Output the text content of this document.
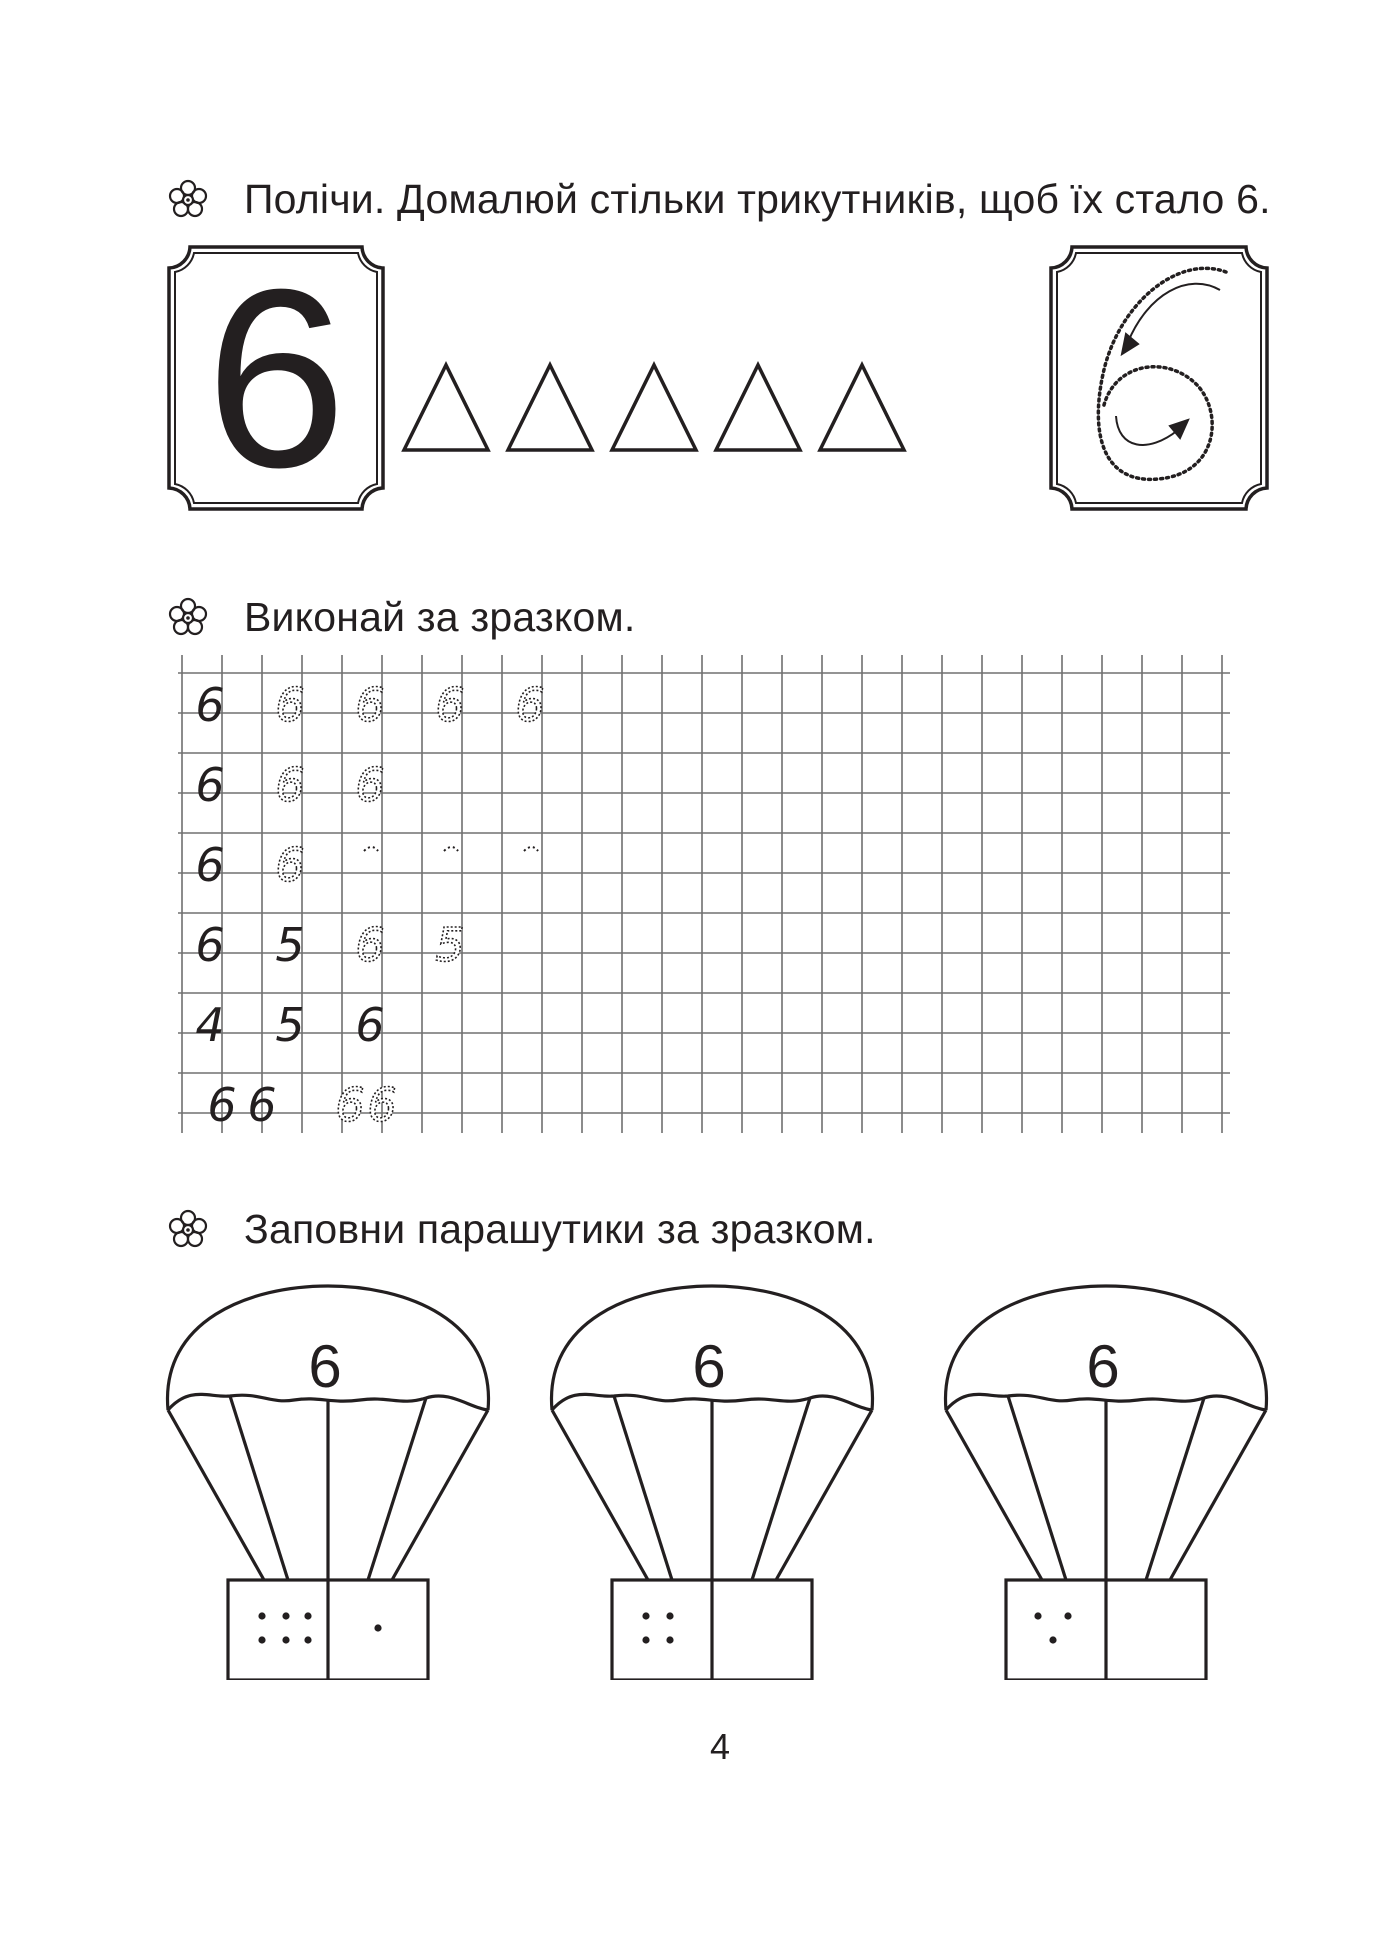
Полічи. Домалюй стільки трикутників, щоб їх стало 6.
6
Виконай за зразком.
6 6 6 6 6
6 6 6
6 6
6 5 6 5
4 5 6
6 6 6 6
Заповни парашутики за зразком.
6	6	6
4
